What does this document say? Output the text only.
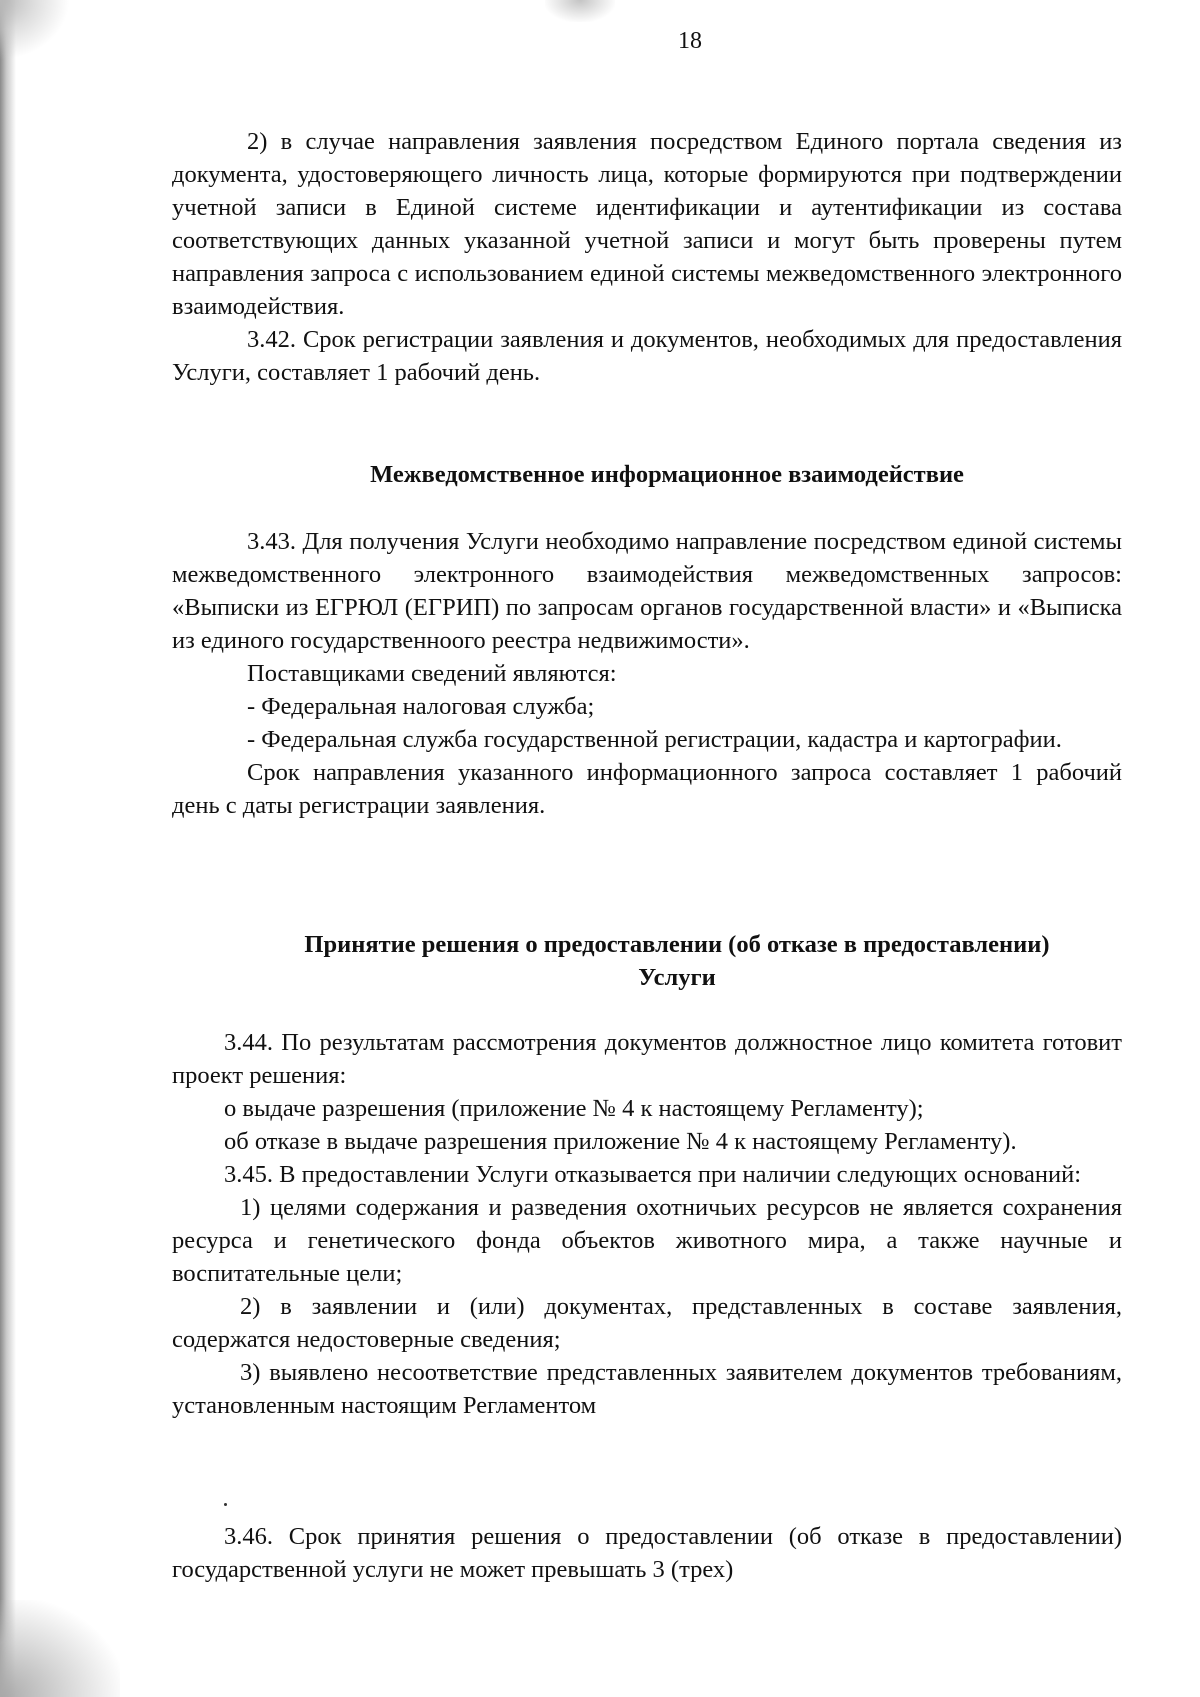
18

2) в случае направления заявления посредством Единого портала сведения из документа, удостоверяющего личность лица, которые формируются при подтверждении учетной записи в Единой системе идентификации и аутентификации из состава соответствующих данных указанной учетной записи и могут быть проверены путем направления запроса с использованием единой системы межведомственного электронного взаимодействия.

3.42. Срок регистрации заявления и документов, необходимых для предоставления Услуги, составляет 1 рабочий день.

Межведомственное информационное взаимодействие

3.43. Для получения Услуги необходимо направление посредством единой системы межведомственного электронного взаимодействия межведомственных запросов: «Выписки из ЕГРЮЛ (ЕГРИП) по запросам органов государственной власти» и «Выписка из единого государственноого реестра недвижимости».

Поставщиками сведений являются:

- Федеральная налоговая служба;

- Федеральная служба государственной регистрации, кадастра и картографии.

Срок направления указанного информационного запроса составляет 1 рабочий день с даты регистрации заявления.

Принятие решения о предоставлении (об отказе в предоставлении)

Услуги

3.44. По результатам рассмотрения документов должностное лицо комитета готовит проект решения:

о выдаче разрешения (приложение № 4 к настоящему Регламенту);

об отказе в выдаче разрешения приложение № 4 к настоящему Регламенту).

3.45. В предоставлении Услуги отказывается при наличии следующих оснований:

1) целями содержания и разведения охотничьих ресурсов не является сохранения ресурса и генетического фонда объектов животного мира, а также научные и воспитательные цели;

2) в заявлении и (или) документах, представленных в составе заявления, содержатся недостоверные сведения;

3) выявлено несоответствие представленных заявителем документов требованиям, установленным настоящим Регламентом

3.46. Срок принятия решения о предоставлении (об отказе в предоставлении) государственной услуги не может превышать 3 (трех)
